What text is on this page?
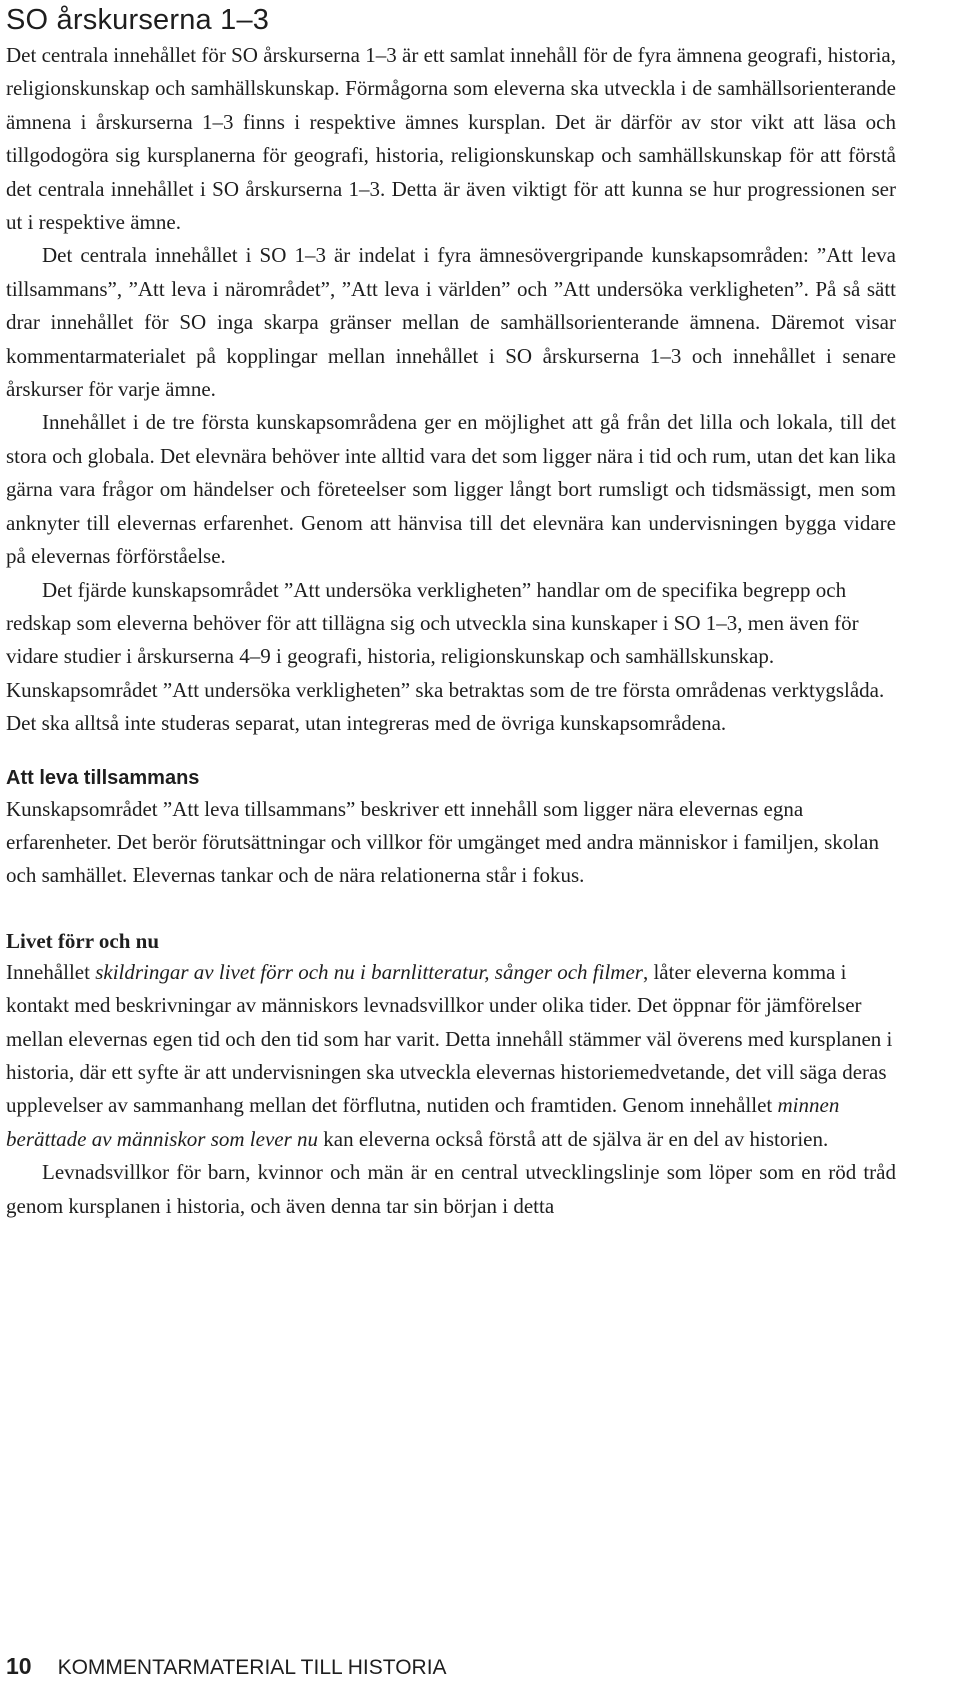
SO årskurserna 1–3

Det centrala innehållet för SO årskurserna 1–3 är ett samlat innehåll för de fyra ämnena geografi, historia, religionskunskap och samhällskunskap. Förmågorna som eleverna ska utveckla i de samhällsorienterande ämnena i årskurserna 1–3 finns i respektive ämnes kursplan. Det är därför av stor vikt att läsa och tillgodogöra sig kursplanerna för geografi, historia, religionskunskap och samhällskunskap för att förstå det centrala innehållet i SO årskurserna 1–3. Detta är även viktigt för att kunna se hur progressionen ser ut i respektive ämne.

Det centrala innehållet i SO 1–3 är indelat i fyra ämnesövergripande kunskapsområden: ”Att leva tillsammans”, ”Att leva i närområdet”, ”Att leva i världen” och ”Att undersöka verkligheten”. På så sätt drar innehållet för SO inga skarpa gränser mellan de samhällsorienterande ämnena. Däremot visar kommentarmaterialet på kopplingar mellan innehållet i SO årskurserna 1–3 och innehållet i senare årskurser för varje ämne.

Innehållet i de tre första kunskapsområdena ger en möjlighet att gå från det lilla och lokala, till det stora och globala. Det elevnära behöver inte alltid vara det som ligger nära i tid och rum, utan det kan lika gärna vara frågor om händelser och företeelser som ligger långt bort rumsligt och tidsmässigt, men som anknyter till elevernas erfarenhet. Genom att hänvisa till det elevnära kan undervisningen bygga vidare på elevernas förförståelse.

Det fjärde kunskapsområdet ”Att undersöka verkligheten” handlar om de specifika begrepp och redskap som eleverna behöver för att tillägna sig och utveckla sina kunskaper i SO 1–3, men även för vidare studier i årskurserna 4–9 i geografi, historia, religionskunskap och samhällskunskap. Kunskapsområdet ”Att undersöka verkligheten” ska betraktas som de tre första områdenas verktygslåda. Det ska alltså inte studeras separat, utan integreras med de övriga kunskapsområdena.

Att leva tillsammans

Kunskapsområdet ”Att leva tillsammans” beskriver ett innehåll som ligger nära elevernas egna erfarenheter. Det berör förutsättningar och villkor för umgänget med andra människor i familjen, skolan och samhället. Elevernas tankar och de nära relationerna står i fokus.

Livet förr och nu

Innehållet skildringar av livet förr och nu i barnlitteratur, sånger och filmer, låter eleverna komma i kontakt med beskrivningar av människors levnadsvillkor under olika tider. Det öppnar för jämförelser mellan elevernas egen tid och den tid som har varit. Detta innehåll stämmer väl överens med kursplanen i historia, där ett syfte är att undervisningen ska utveckla elevernas historiemedvetande, det vill säga deras upplevelser av sammanhang mellan det förflutna, nutiden och framtiden. Genom innehållet minnen berättade av människor som lever nu kan eleverna också förstå att de själva är en del av historien.

Levnadsvillkor för barn, kvinnor och män är en central utvecklingslinje som löper som en röd tråd genom kursplanen i historia, och även denna tar sin början i detta

10 KOMMENTARMATERIAL TILL HISTORIA
